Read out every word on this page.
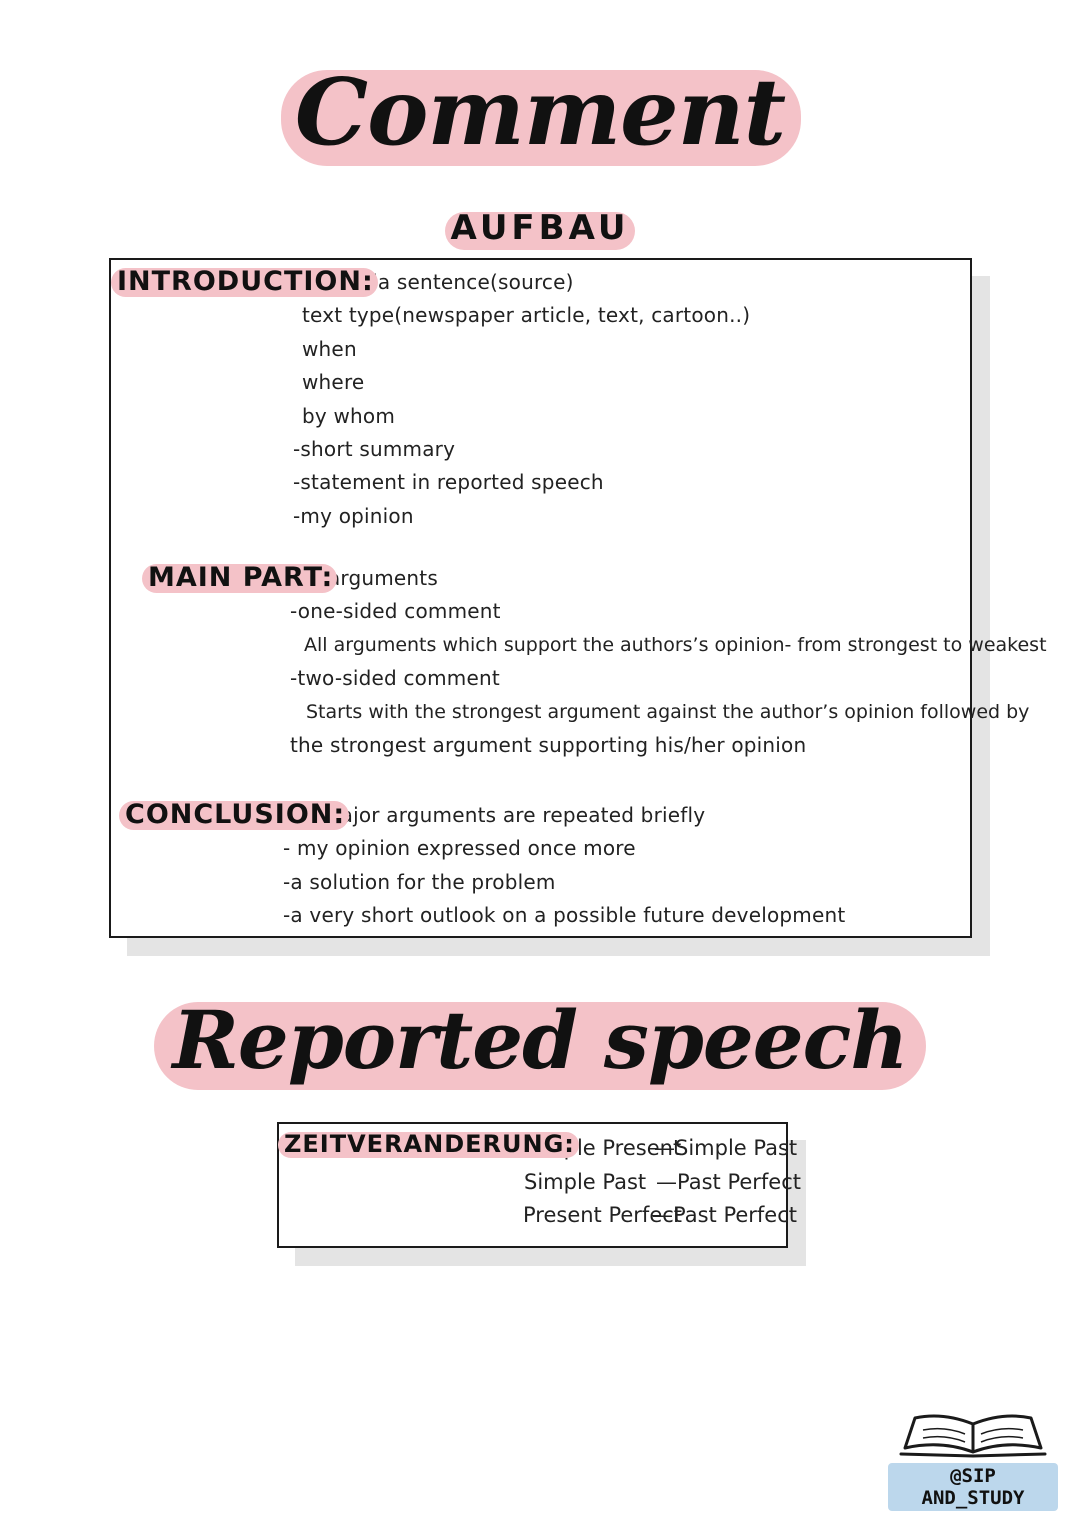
Comment
AUFBAU
INTRODUCTION:
-umbrella sentence(source)
text type(newspaper article, text, cartoon..)
when
where
by whom
-short summary
-statement in reported speech
-my opinion
MAIN PART:
-all arguments
-one-sided comment
All arguments which support the authors’s opinion- from strongest to weakest
-two-sided comment
Starts with the strongest argument against the author’s opinion followed by
the strongest argument supporting his/her opinion
CONCLUSION:
-all major arguments are repeated briefly
- my opinion expressed once more
-a solution for the problem
-a very short outlook on a possible future development
Reported speech
ZEITVERANDERUNG:
Simple Present
—Simple Past
Simple Past —Past Perfect
Present Perfect
—Past Perfect
@SIP AND_STUDY
